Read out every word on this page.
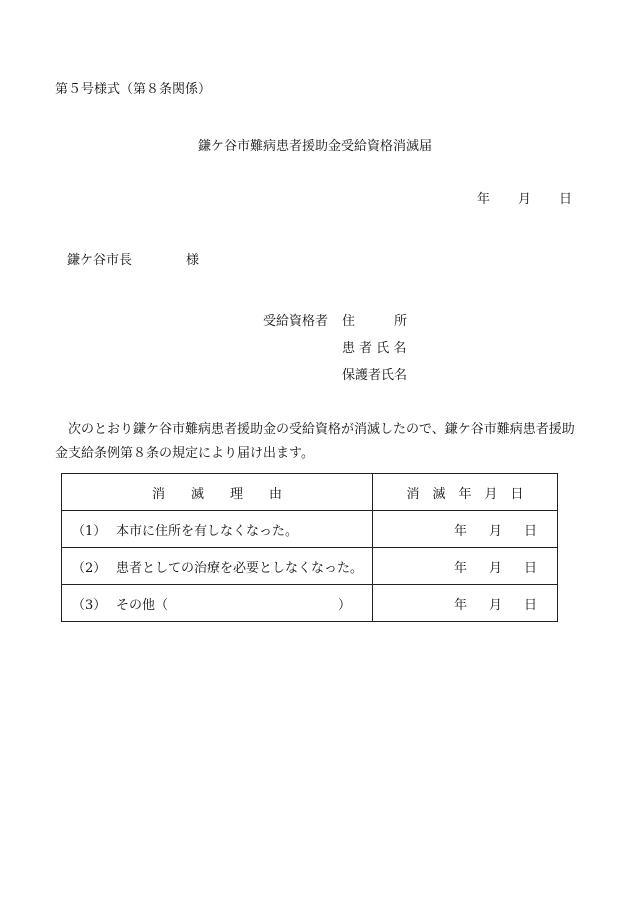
第５号様式（第８条関係）
鎌ケ谷市難病患者援助金受給資格消滅届
年 月 日
鎌ケ谷市長	様
受給資格者 住　　　所
患 者 氏 名
保護者氏名
次のとおり鎌ケ谷市難病患者援助金の受給資格が消滅したので、鎌ケ谷市難病患者援助金支給条例第８条の規定により届け出ます。
消　　滅　　理　　由	消　滅　年　月　日
（1） 本市に住所を有しなくなった。	年 月 日
（2） 患者としての治療を必要としなくなった。	年 月 日
（3） その他（ ）	年 月 日
